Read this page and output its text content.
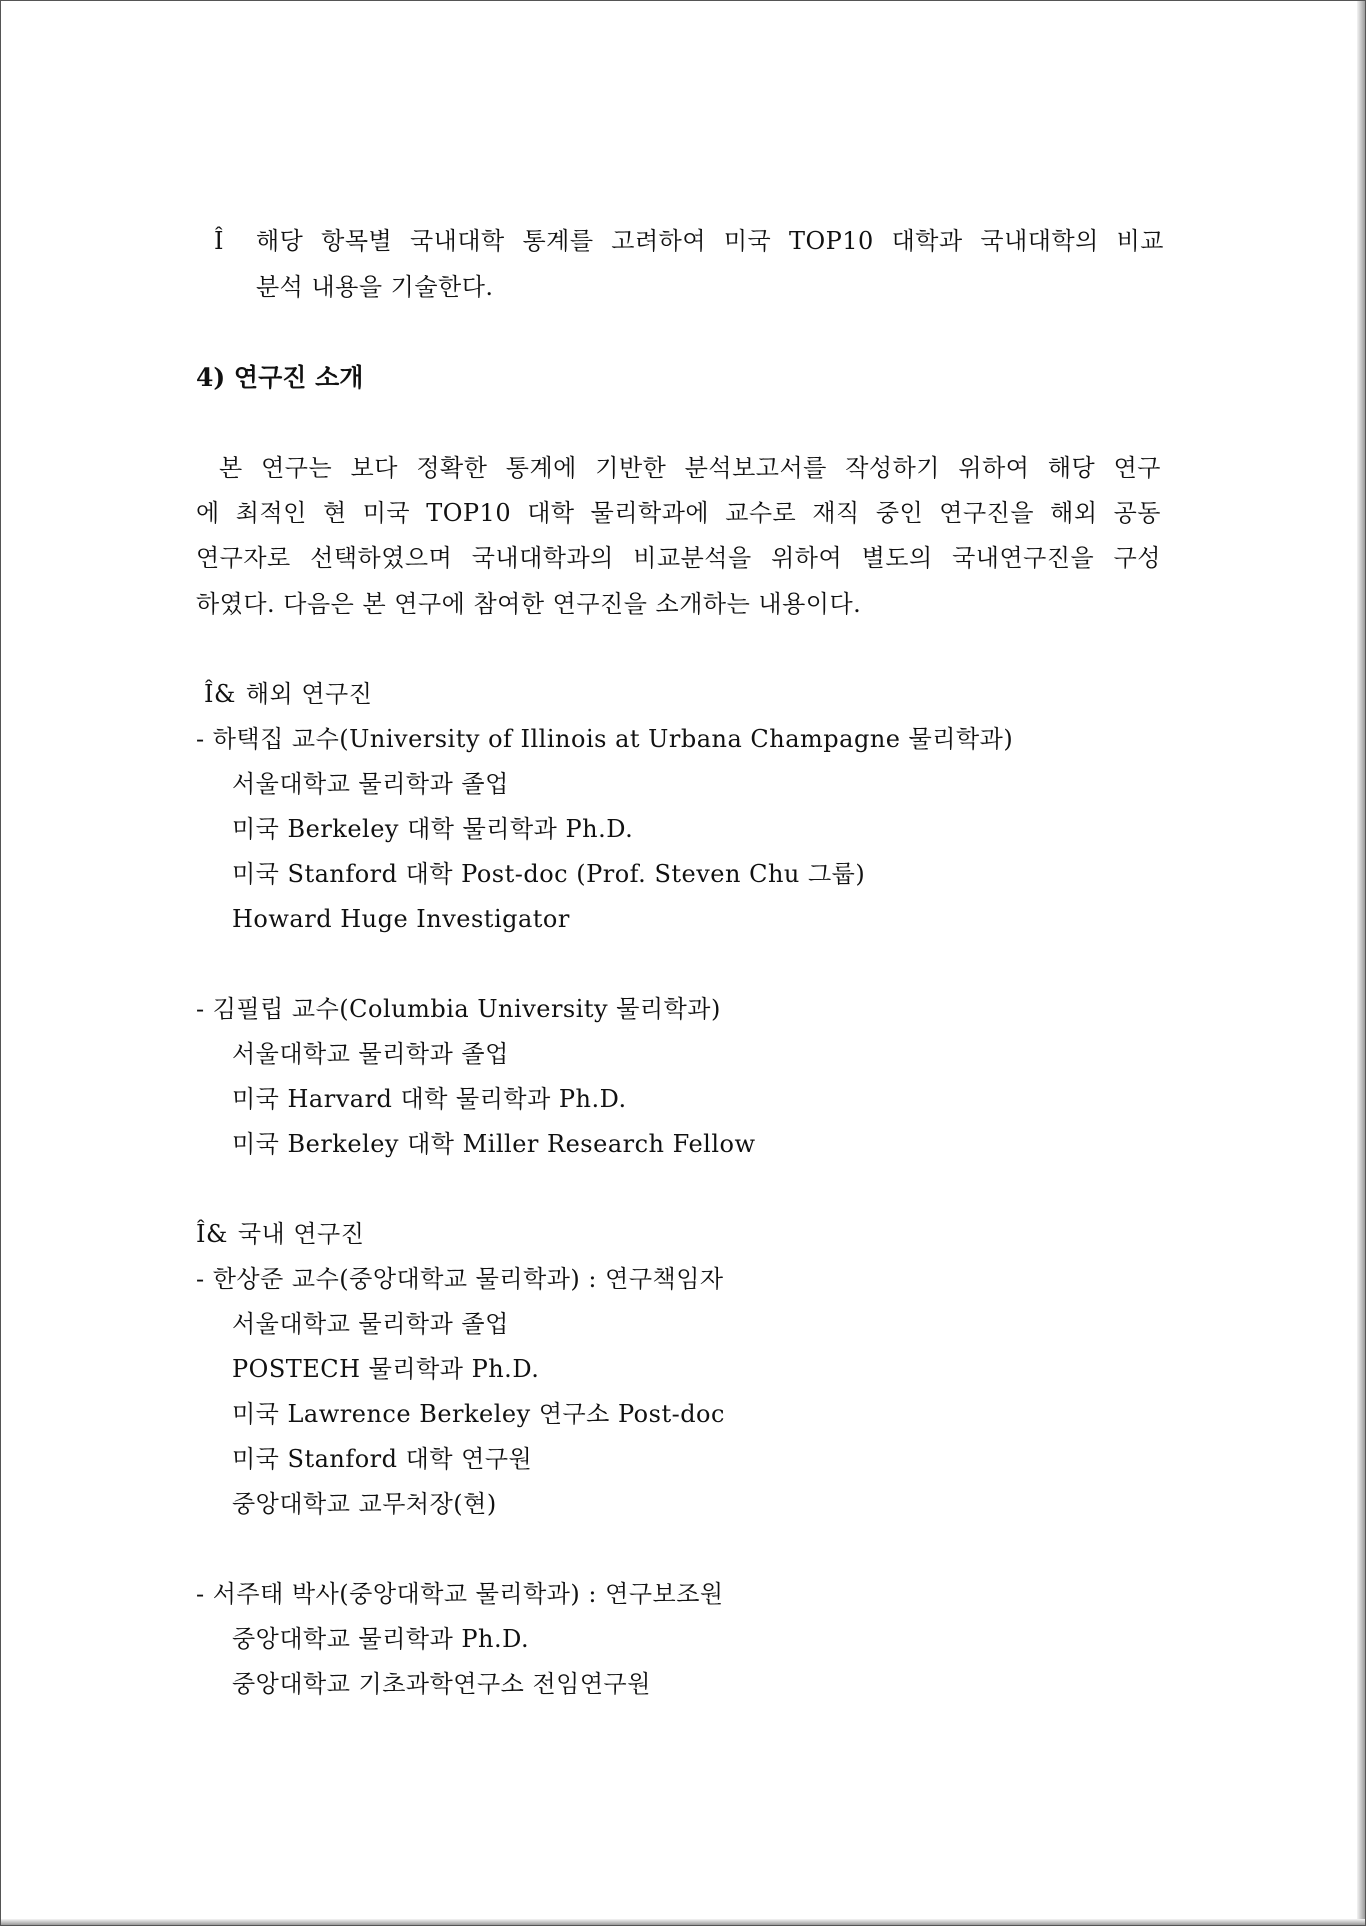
Î 해당 항목별 국내대학 통계를 고려하여 미국 TOP10 대학과 국내대학의 비교
분석 내용을 기술한다.
4) 연구진 소개
본 연구는 보다 정확한 통계에 기반한 분석보고서를 작성하기 위하여 해당 연구
에 최적인 현 미국 TOP10 대학 물리학과에 교수로 재직 중인 연구진을 해외 공동
연구자로 선택하였으며 국내대학과의 비교분석을 위하여 별도의 국내연구진을 구성
하였다. 다음은 본 연구에 참여한 연구진을 소개하는 내용이다.
Î& 해외 연구진
- 하택집 교수(University of Illinois at Urbana Champagne 물리학과)
서울대학교 물리학과 졸업
미국 Berkeley 대학 물리학과 Ph.D.
미국 Stanford 대학 Post-doc (Prof. Steven Chu 그룹)
Howard Huge Investigator
- 김필립 교수(Columbia University 물리학과)
서울대학교 물리학과 졸업
미국 Harvard 대학 물리학과 Ph.D.
미국 Berkeley 대학 Miller Research Fellow
Î& 국내 연구진
- 한상준 교수(중앙대학교 물리학과) : 연구책임자
서울대학교 물리학과 졸업
POSTECH 물리학과 Ph.D.
미국 Lawrence Berkeley 연구소 Post-doc
미국 Stanford 대학 연구원
중앙대학교 교무처장(현)
- 서주태 박사(중앙대학교 물리학과) : 연구보조원
중앙대학교 물리학과 Ph.D.
중앙대학교 기초과학연구소 전임연구원
